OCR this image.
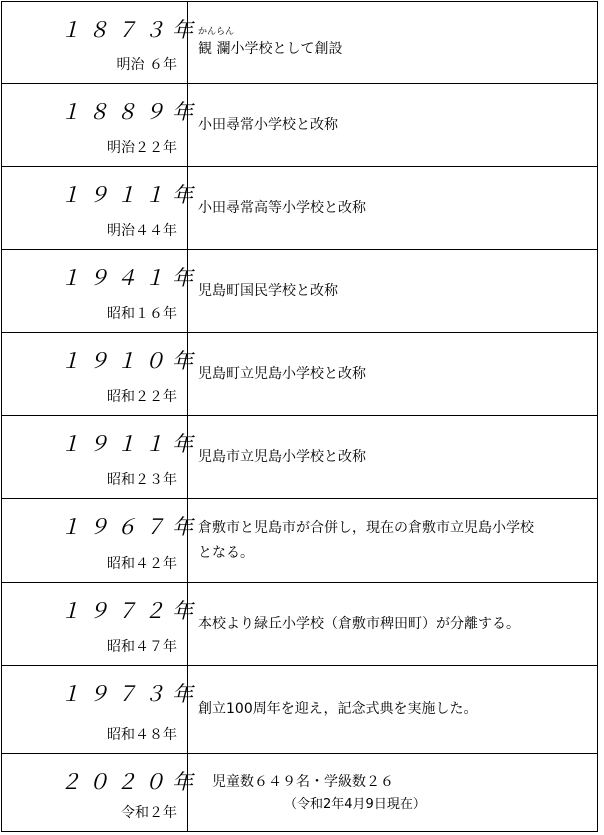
１８７３年
明治 ６年	かんらん
観 瀾小学校として創設

１８８９年
明治２２年	小田尋常小学校と改称

１９１１年
明治４４年	小田尋常高等小学校と改称

１９４１年
昭和１６年	児島町国民学校と改称

１９１０年
昭和２２年	児島町立児島小学校と改称

１９１１年
昭和２３年	児島市立児島小学校と改称

１９６７年
昭和４２年	倉敷市と児島市が合併し，現在の倉敷市立児島小学校
となる。

１９７２年
昭和４７年	本校より緑丘小学校（倉敷市稗田町）が分離する。

１９７３年
昭和４８年	創立100周年を迎え，記念式典を実施した。

２０２０年
令和２年	児童数６４９名・学級数２６
（令和2年4月9日現在）
